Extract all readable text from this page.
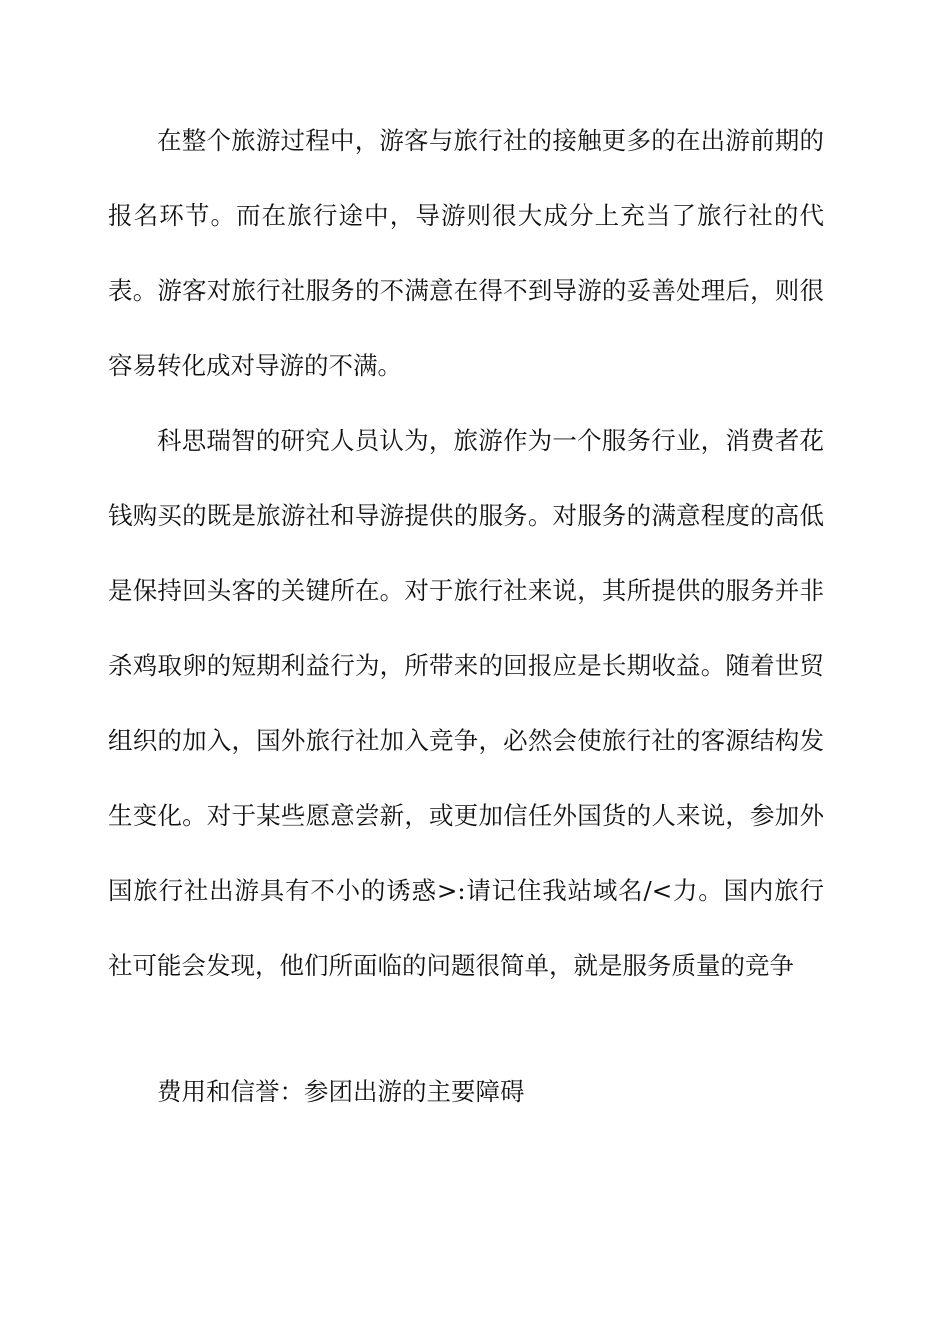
在整个旅游过程中，游客与旅行社的接触更多的在出游前期的报名环节。而在旅行途中，导游则很大成分上充当了旅行社的代表。游客对旅行社服务的不满意在得不到导游的妥善处理后，则很容易转化成对导游的不满。

科思瑞智的研究人员认为，旅游作为一个服务行业，消费者花钱购买的既是旅游社和导游提供的服务。对服务的满意程度的高低是保持回头客的关键所在。对于旅行社来说，其所提供的服务并非杀鸡取卵的短期利益行为，所带来的回报应是长期收益。随着世贸组织的加入，国外旅行社加入竞争，必然会使旅行社的客源结构发生变化。对于某些愿意尝新，或更加信任外国货的人来说，参加外国旅行社出游具有不小的诱惑>:请记住我站域名/<力。国内旅行社可能会发现，他们所面临的问题很简单，就是服务质量的竞争

费用和信誉：参团出游的主要障碍
